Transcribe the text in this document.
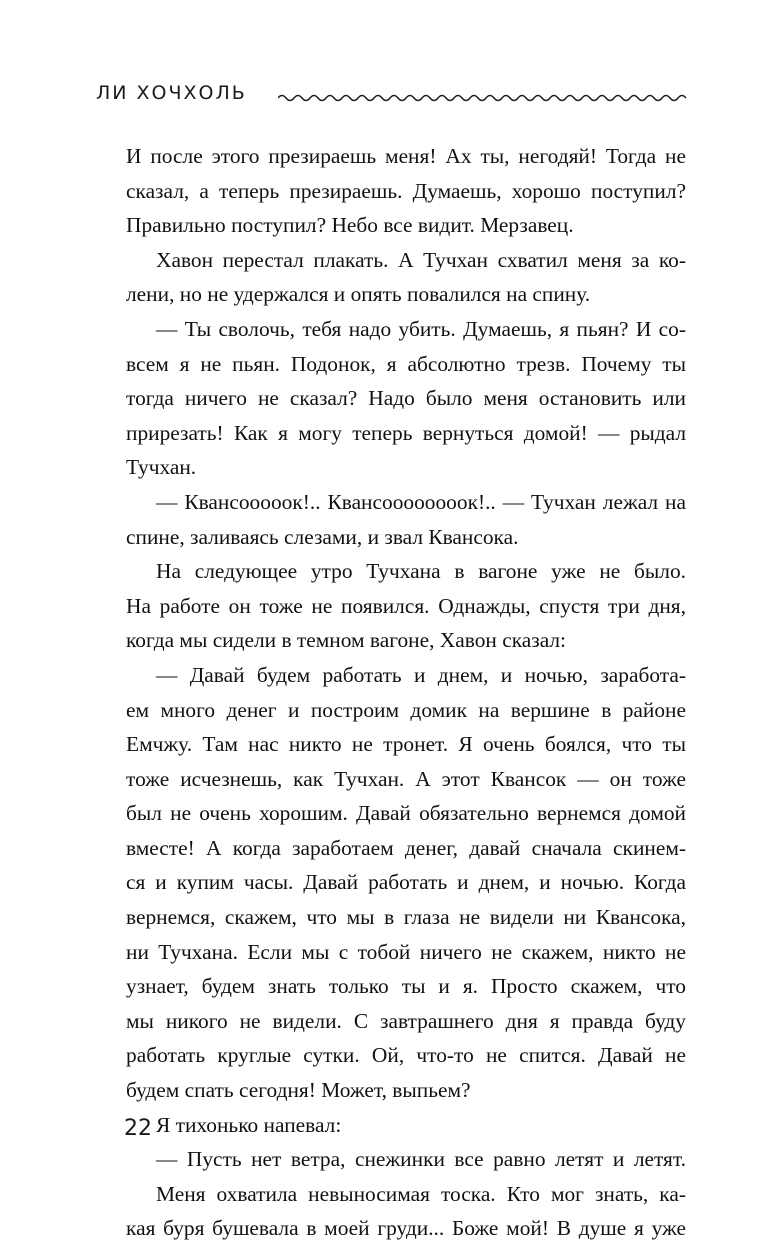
ЛИ ХОЧХОЛЬ
И после этого презираешь меня! Ах ты, негодяй! Тогда не
сказал, а теперь презираешь. Думаешь, хорошо поступил?
Правильно поступил? Небо все видит. Мерзавец.
Хавон перестал плакать. А Тучхан схватил меня за ко-
лени, но не удержался и опять повалился на спину.
— Ты сволочь, тебя надо убить. Думаешь, я пьян? И со-
всем я не пьян. Подонок, я абсолютно трезв. Почему ты
тогда ничего не сказал? Надо было меня остановить или
прирезать! Как я могу теперь вернуться домой! — рыдал
Тучхан.
— Квансооооок!.. Квансоооооооок!.. — Тучхан лежал на
спине, заливаясь слезами, и звал Квансока.
На следующее утро Тучхана в вагоне уже не было.
На работе он тоже не появился. Однажды, спустя три дня,
когда мы сидели в темном вагоне, Хавон сказал:
— Давай будем работать и днем, и ночью, заработа-
ем много денег и построим домик на вершине в районе
Емчжу. Там нас никто не тронет. Я очень боялся, что ты
тоже исчезнешь, как Тучхан. А этот Квансок — он тоже
был не очень хорошим. Давай обязательно вернемся домой
вместе! А когда заработаем денег, давай сначала скинем-
ся и купим часы. Давай работать и днем, и ночью. Когда
вернемся, скажем, что мы в глаза не видели ни Квансока,
ни Тучхана. Если мы с тобой ничего не скажем, никто не
узнает, будем знать только ты и я. Просто скажем, что
мы никого не видели. С завтрашнего дня я правда буду
работать круглые сутки. Ой, что-то не спится. Давай не
будем спать сегодня! Может, выпьем?
Я тихонько напевал:
— Пусть нет ветра, снежинки все равно летят и летят.
Меня охватила невыносимая тоска. Кто мог знать, ка-
кая буря бушевала в моей груди... Боже мой! В душе я уже
22
